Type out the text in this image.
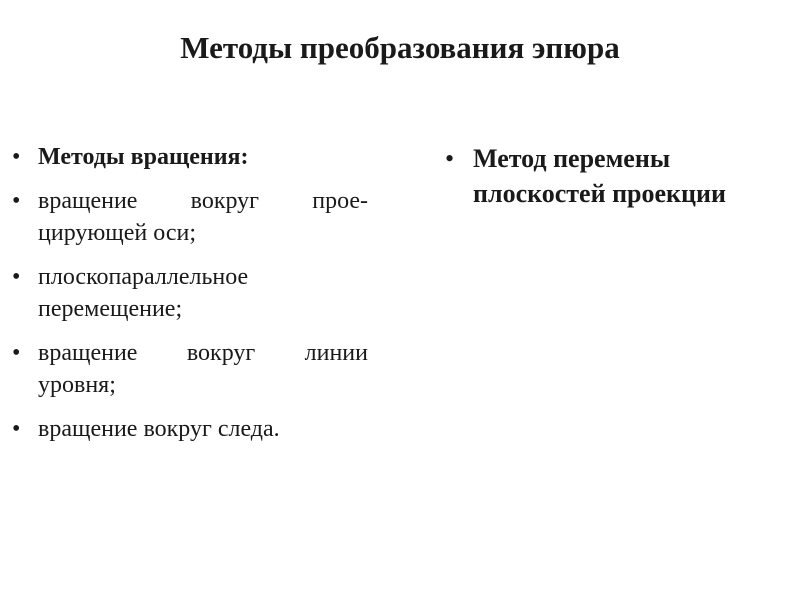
Методы преобразования эпюра
• Методы вращения:
• вращение вокруг прое-
цирующей оси;
• плоскопараллельное
перемещение;
• вращение вокруг линии
уровня;
• вращение вокруг следа.
• Метод перемены
плоскостей проекции
